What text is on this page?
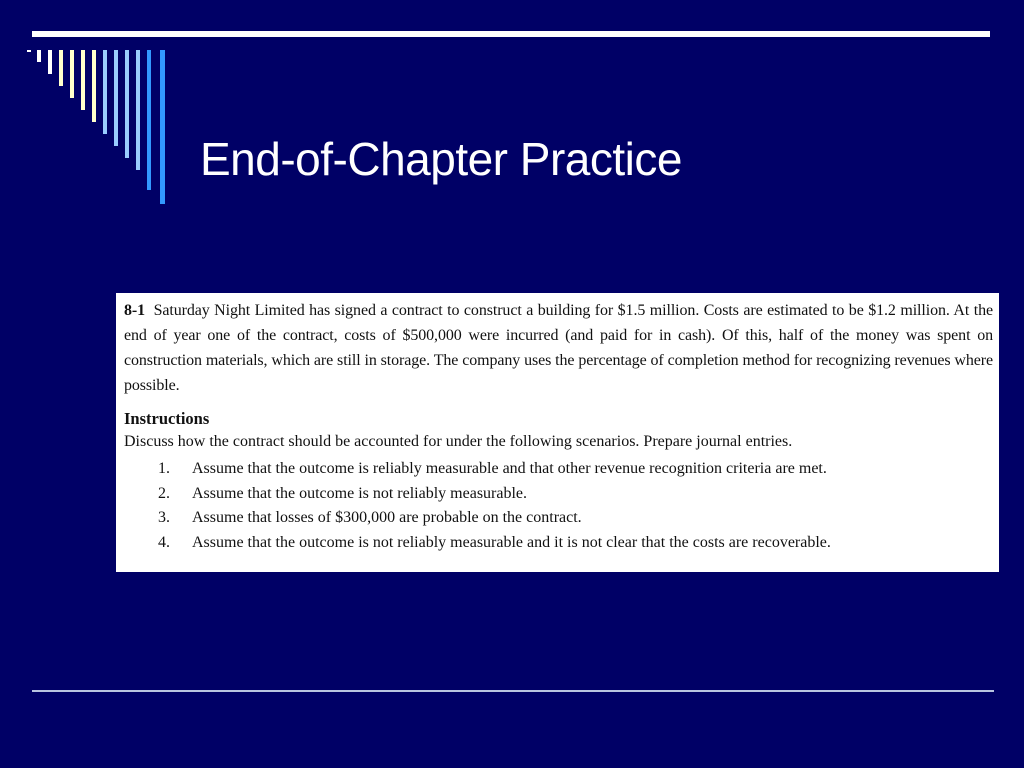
End-of-Chapter Practice

8-1 Saturday Night Limited has signed a contract to construct a building for $1.5 million. Costs are estimated to be $1.2 million. At the end of year one of the contract, costs of $500,000 were incurred (and paid for in cash). Of this, half of the money was spent on construction materials, which are still in storage. The company uses the percentage of completion method for recognizing revenues where possible.

Instructions

Discuss how the contract should be accounted for under the following scenarios. Prepare journal entries.

1.	Assume that the outcome is reliably measurable and that other revenue recognition criteria are met.
2.	Assume that the outcome is not reliably measurable.
3.	Assume that losses of $300,000 are probable on the contract.
4.	Assume that the outcome is not reliably measurable and it is not clear that the costs are recoverable.
